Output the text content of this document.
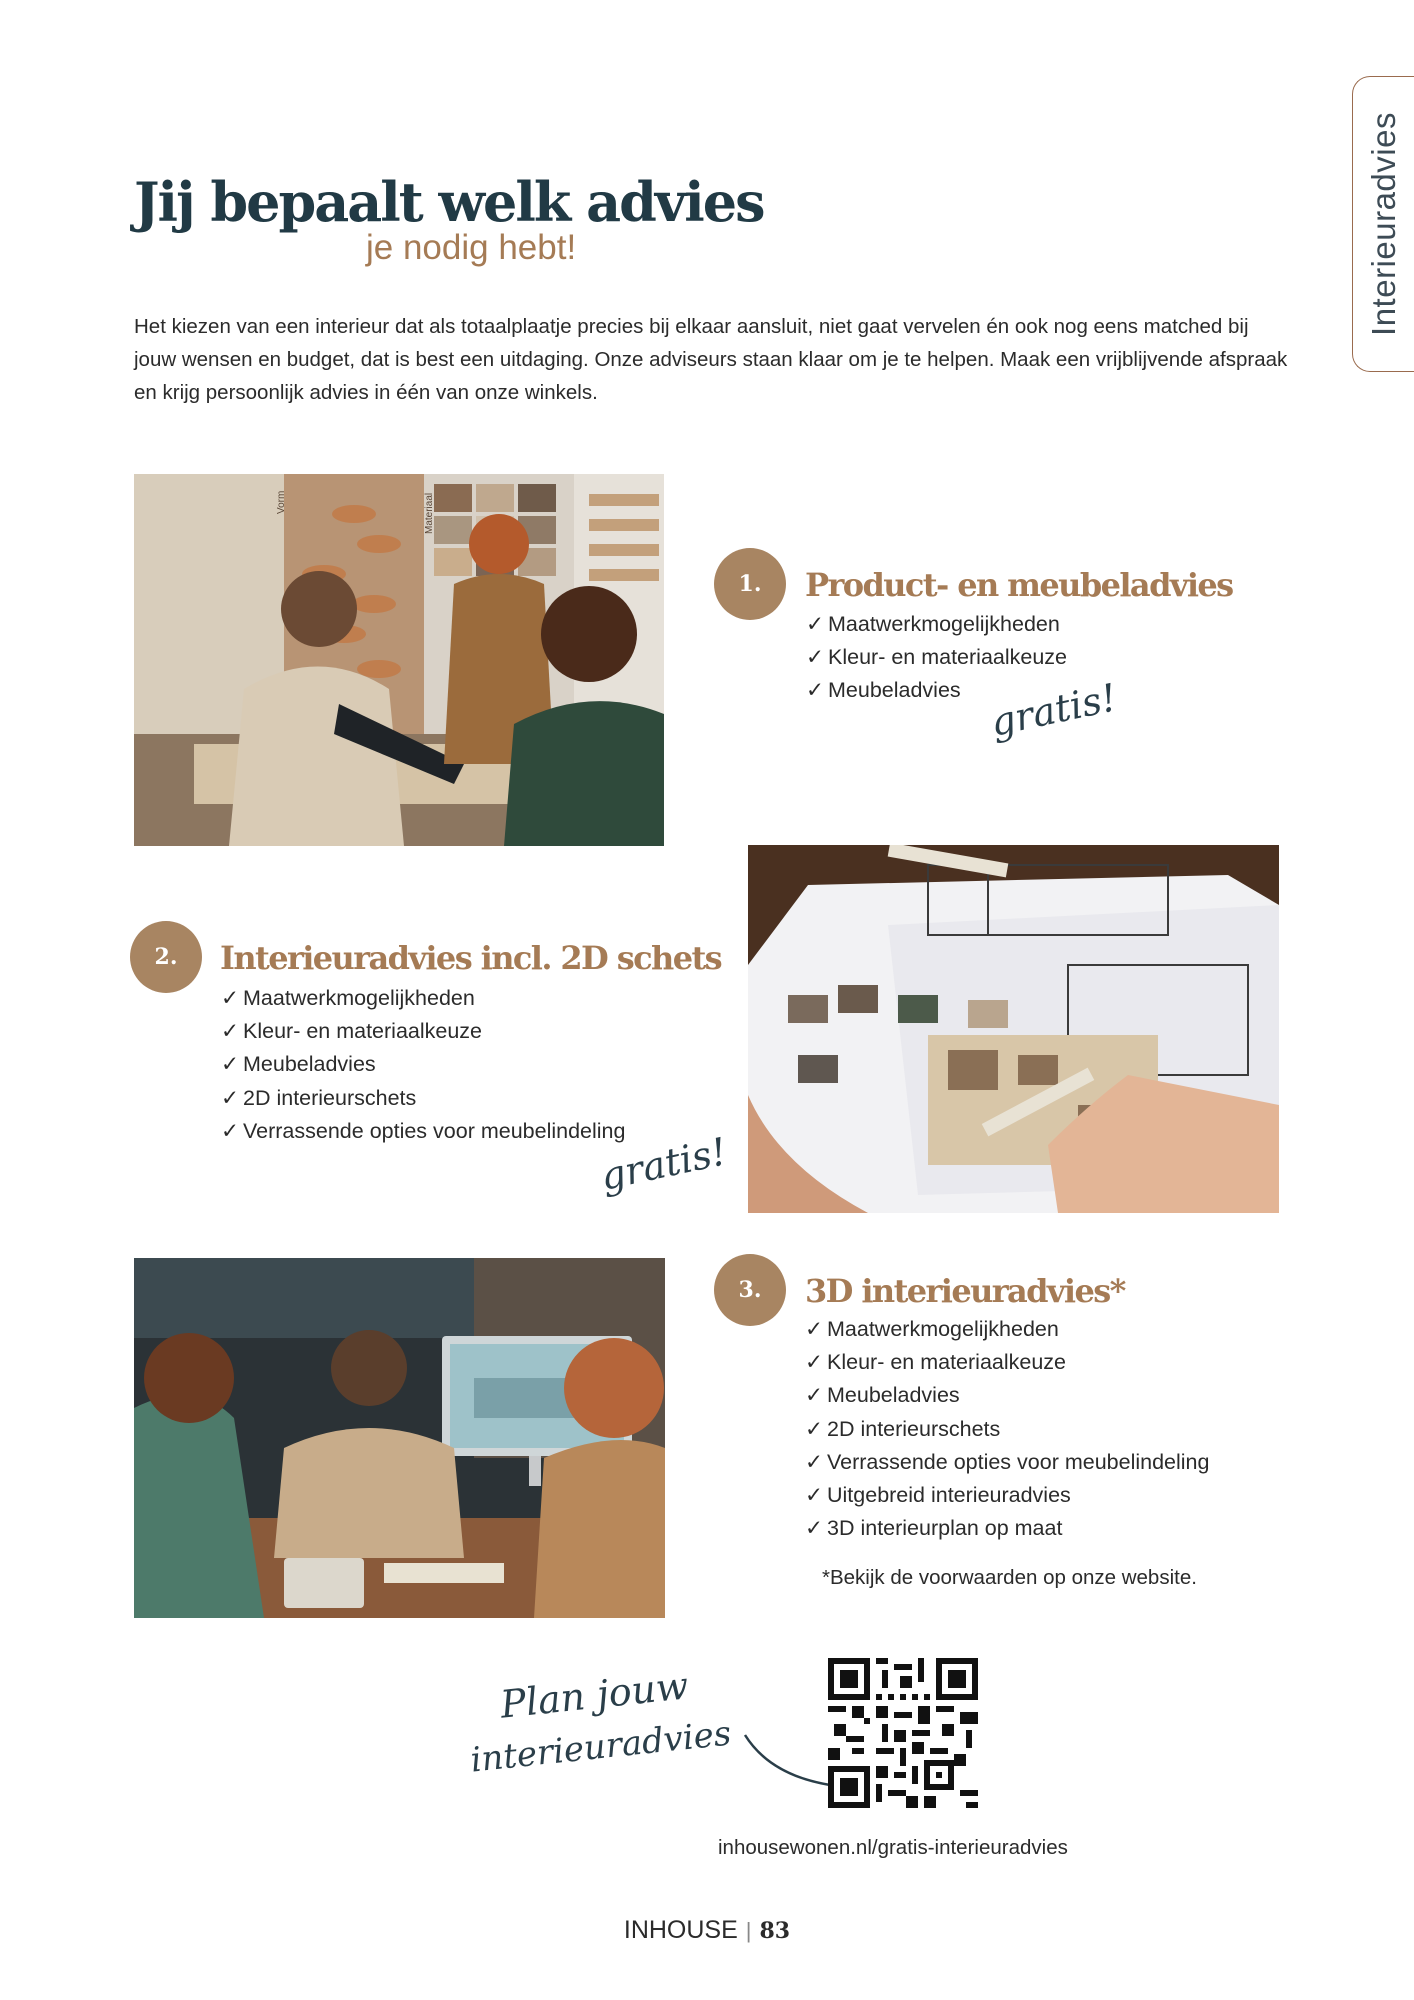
Interieuradvies
Jij bepaalt welk advies

je nodig hebt!

Het kiezen van een interieur dat als totaalplaatje precies bij elkaar aansluit, niet gaat vervelen én ook nog eens matched bij jouw wensen en budget, dat is best een uitdaging. Onze adviseurs staan klaar om je te helpen. Maak een vrijblijvende afspraak en krijg persoonlijk advies in één van onze winkels.

Vorm	Materiaal
1.	Product- en meubeladvies
✓ Maatwerkmogelijkheden
✓ Kleur- en materiaalkeuze
✓ Meubeladvies gratis!
2.	Interieuradvies incl. 2D schets
✓ Maatwerkmogelijkheden
✓ Kleur- en materiaalkeuze
✓ Meubeladvies
✓ 2D interieurschets
✓ Verrassende opties voor meubelindeling
gratis!
3.	3D interieuradvies*
✓ Maatwerkmogelijkheden
✓ Kleur- en materiaalkeuze
✓ Meubeladvies
✓ 2D interieurschets
✓ Verrassende opties voor meubelindeling
✓ Uitgebreid interieuradvies
✓ 3D interieurplan op maat

*Bekijk de voorwaarden op onze website.

Plan jouw
interieuradvies

inhousewonen.nl/gratis-interieuradvies

INHOUSE | 83
